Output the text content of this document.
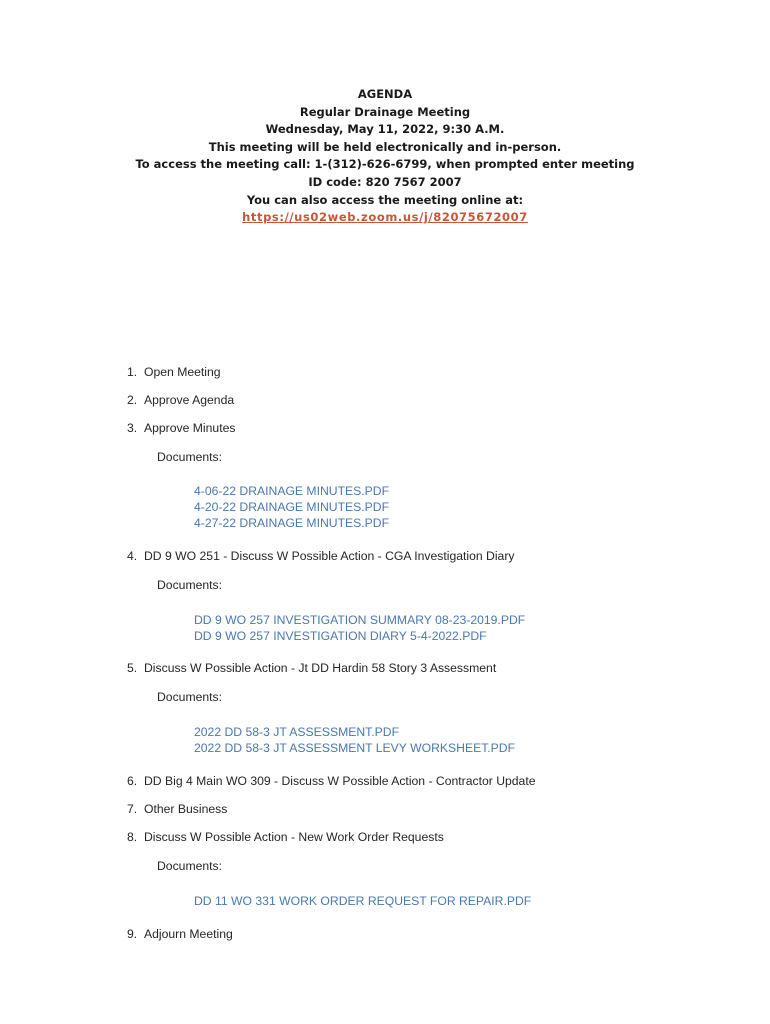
AGENDA
Regular Drainage Meeting
Wednesday, May 11, 2022, 9:30 A.M.
This meeting will be held electronically and in-person.
To access the meeting call: 1-(312)-626-6799, when prompted enter meeting
ID code: 820 7567 2007
You can also access the meeting online at:
https://us02web.zoom.us/j/82075672007
1. Open Meeting
2. Approve Agenda
3. Approve Minutes
Documents:
4-06-22 DRAINAGE MINUTES.PDF
4-20-22 DRAINAGE MINUTES.PDF
4-27-22 DRAINAGE MINUTES.PDF
4. DD 9 WO 251 - Discuss W Possible Action - CGA Investigation Diary
Documents:
DD 9 WO 257 INVESTIGATION SUMMARY 08-23-2019.PDF
DD 9 WO 257 INVESTIGATION DIARY 5-4-2022.PDF
5. Discuss W Possible Action - Jt DD Hardin 58 Story 3 Assessment
Documents:
2022 DD 58-3 JT ASSESSMENT.PDF
2022 DD 58-3 JT ASSESSMENT LEVY WORKSHEET.PDF
6. DD Big 4 Main WO 309 - Discuss W Possible Action - Contractor Update
7. Other Business
8. Discuss W Possible Action - New Work Order Requests
Documents:
DD 11 WO 331 WORK ORDER REQUEST FOR REPAIR.PDF
9. Adjourn Meeting
